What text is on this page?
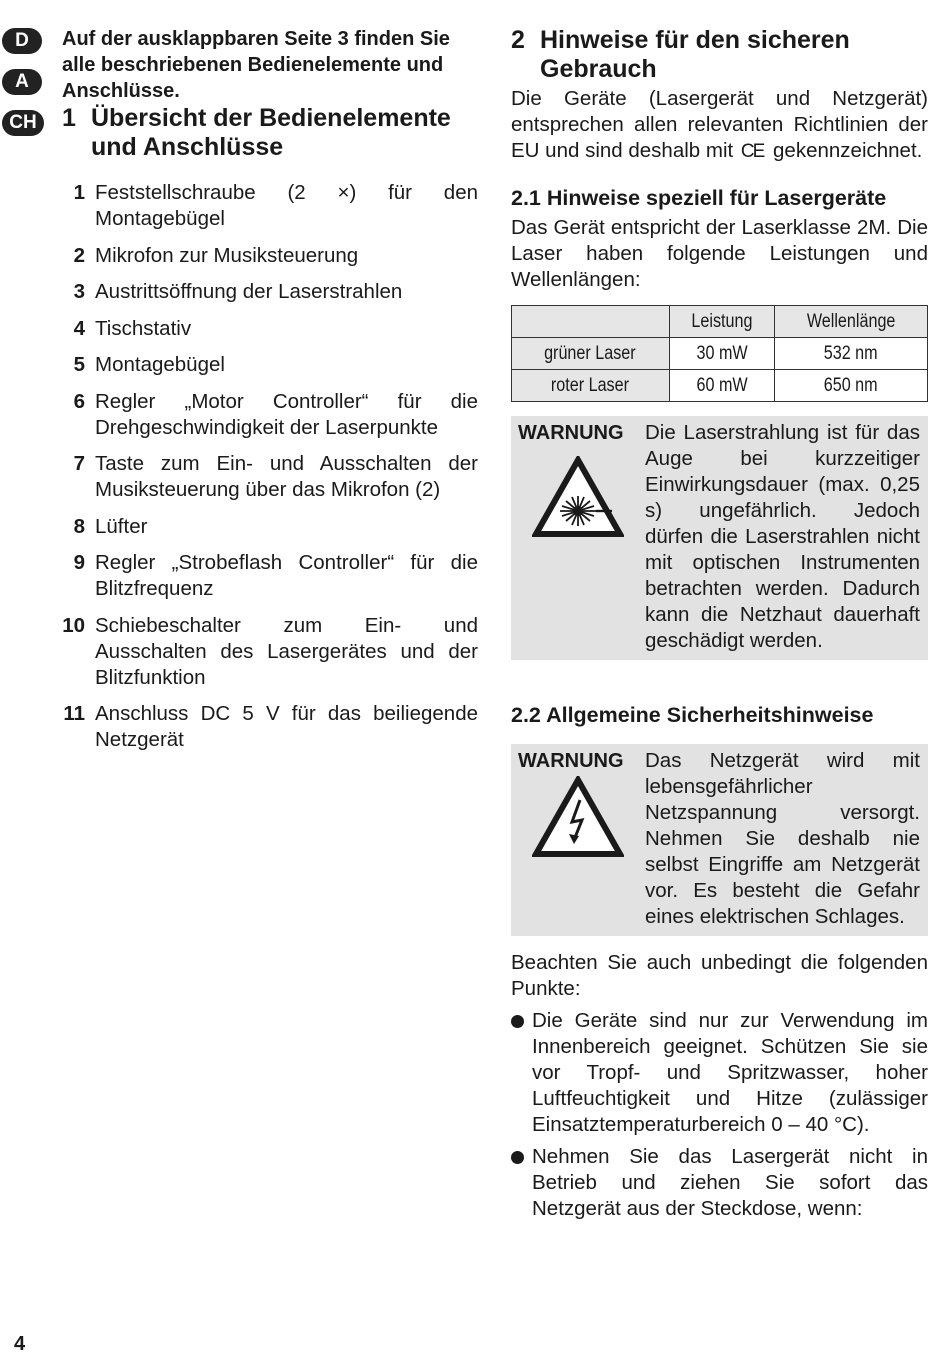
D
A
CH

Auf der ausklappbaren Seite 3 finden Sie alle beschriebenen Bedienelemente und Anschlüsse.

1 Übersicht der Bedienelemente und Anschlüsse
1 Feststellschraube (2 ×) für den Montagebügel
2 Mikrofon zur Musiksteuerung
3 Austrittsöffnung der Laserstrahlen
4 Tischstativ
5 Montagebügel
6 Regler „Motor Controller“ für die Drehgeschwindigkeit der Laserpunkte
7 Taste zum Ein- und Ausschalten der Musiksteuerung über das Mikrofon (2)
8 Lüfter
9 Regler „Strobeflash Controller“ für die Blitzfrequenz
10 Schiebeschalter zum Ein- und Ausschalten des Lasergerätes und der Blitzfunktion
11 Anschluss DC 5 V für das beiliegende Netzgerät
2 Hinweise für den sicheren Gebrauch

Die Geräte (Lasergerät und Netzgerät) entsprechen allen relevanten Richtlinien der EU und sind deshalb mit CE gekennzeichnet.

2.1 Hinweise speziell für Lasergeräte

Das Gerät entspricht der Laserklasse 2M. Die Laser haben folgende Leistungen und Wellenlängen:

	Leistung	Wellenlänge
grüner Laser	30 mW	532 nm
roter Laser	60 mW	650 nm
WARNUNG Die Laserstrahlung ist für das Auge bei kurzzeitiger Einwirkungsdauer (max. 0,25 s) ungefährlich. Jedoch dürfen die Laserstrahlen nicht mit optischen Instrumenten betrachten werden. Dadurch kann die Netzhaut dauerhaft geschädigt werden.

2.2 Allgemeine Sicherheitshinweise
WARNUNG Das Netzgerät wird mit lebensgefährlicher Netzspannung versorgt. Nehmen Sie deshalb nie selbst Eingriffe am Netzgerät vor. Es besteht die Gefahr eines elektrischen Schlages.

Beachten Sie auch unbedingt die folgenden Punkte:

Die Geräte sind nur zur Verwendung im Innenbereich geeignet. Schützen Sie sie vor Tropf- und Spritzwasser, hoher Luftfeuchtigkeit und Hitze (zulässiger Einsatztemperaturbereich 0 – 40 °C).
Nehmen Sie das Lasergerät nicht in Betrieb und ziehen Sie sofort das Netzgerät aus der Steckdose, wenn:
4
